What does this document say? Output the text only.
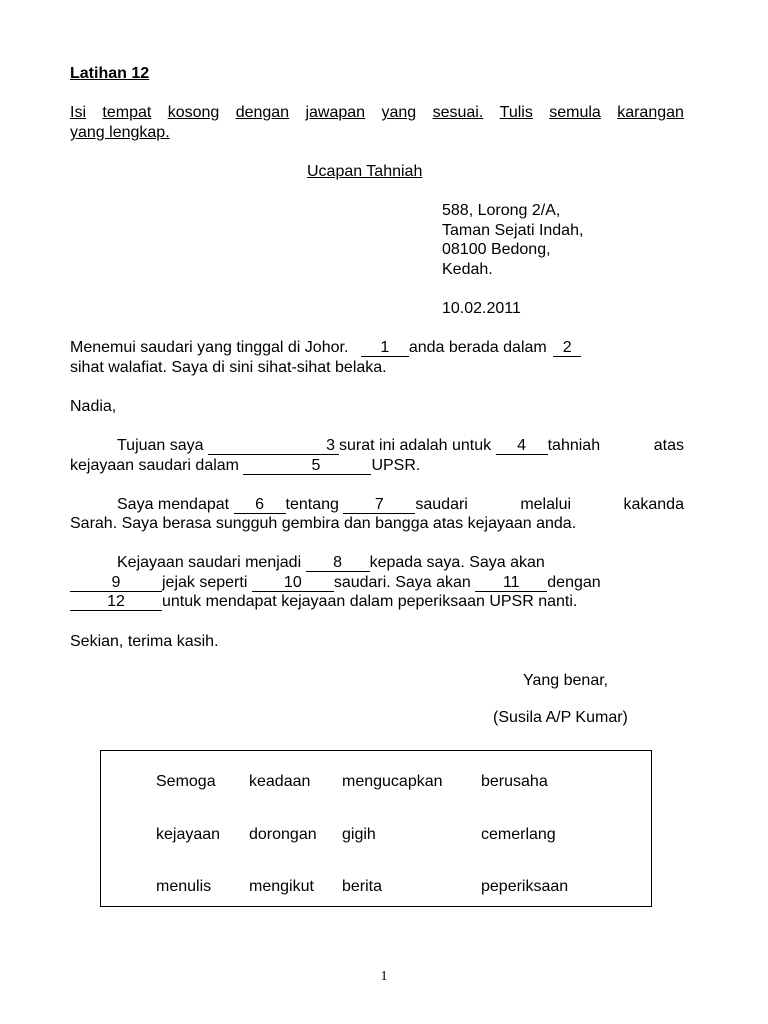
Latihan 12
Isi tempat kosong dengan jawapan yang sesuai. Tulis semula karangan
yang lengkap.
Ucapan Tahniah
588, Lorong 2/A,
Taman Sejati Indah,
08100 Bedong,
Kedah.
10.02.2011
Menemui saudari yang tinggal di Johor. 1 anda berada dalam 2
sihat walafiat. Saya di sini sihat-sihat belaka.
Nadia,
Tujuan saya	3 surat ini adalah untuk 4 tahniah	atas
kejayaan saudari dalam	5	UPSR.
Saya mendapat 6 tentang 7 saudari	melalui	kakanda
Sarah. Saya berasa sungguh gembira dan bangga atas kejayaan anda.
Kejayaan saudari menjadi 8 kepada saya. Saya akan
9	jejak seperti 10 saudari. Saya akan 11 dengan
12 untuk mendapat kejayaan dalam peperiksaan UPSR nanti.
Sekian, terima kasih.
Yang benar,
(Susila A/P Kumar)
Semoga keadaan mengucapkan berusaha
kejayaan dorongan gigih	cemerlang
menulis mengikut berita	peperiksaan
1
